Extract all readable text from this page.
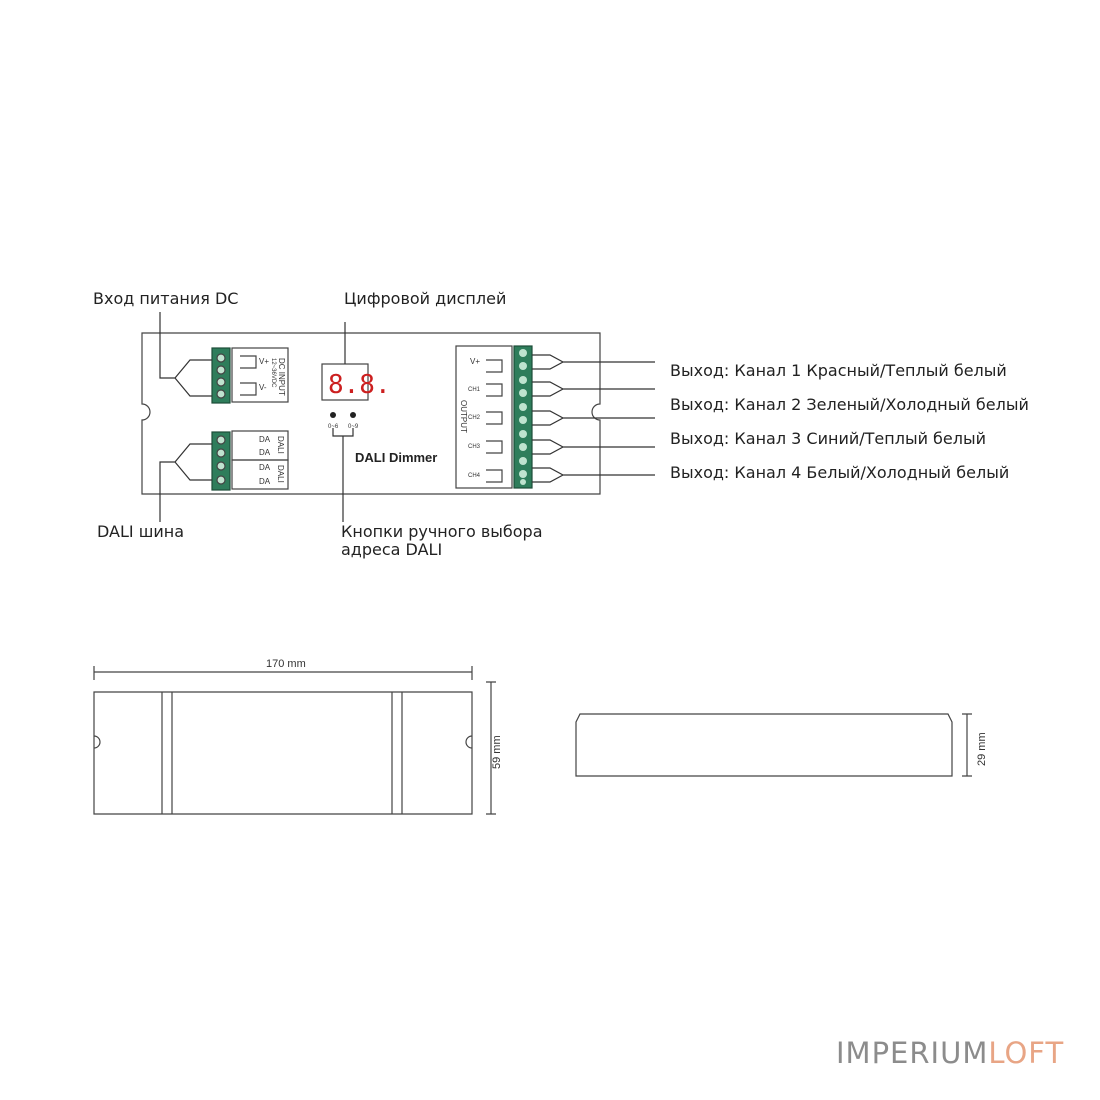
V+
V- DC INPUT
12~36VDC
DA
DA
DA
DA
DALI
DALI
8.8.
0~6 0~9
DALI Dimmer
V+
OUTPUT
CH1
CH2
CH3
CH4
170 mm
59 mm	29 mm
Вход питания DC	Цифровой дисплей
DALI шина	Кнопки ручного выбора адреса DALI
Выход: Канал 1 Красный/Теплый белый
Выход: Канал 2 Зеленый/Холодный белый
Выход: Канал 3 Синий/Теплый белый
Выход: Канал 4 Белый/Холодный белый
IMPERIUMLOFT
